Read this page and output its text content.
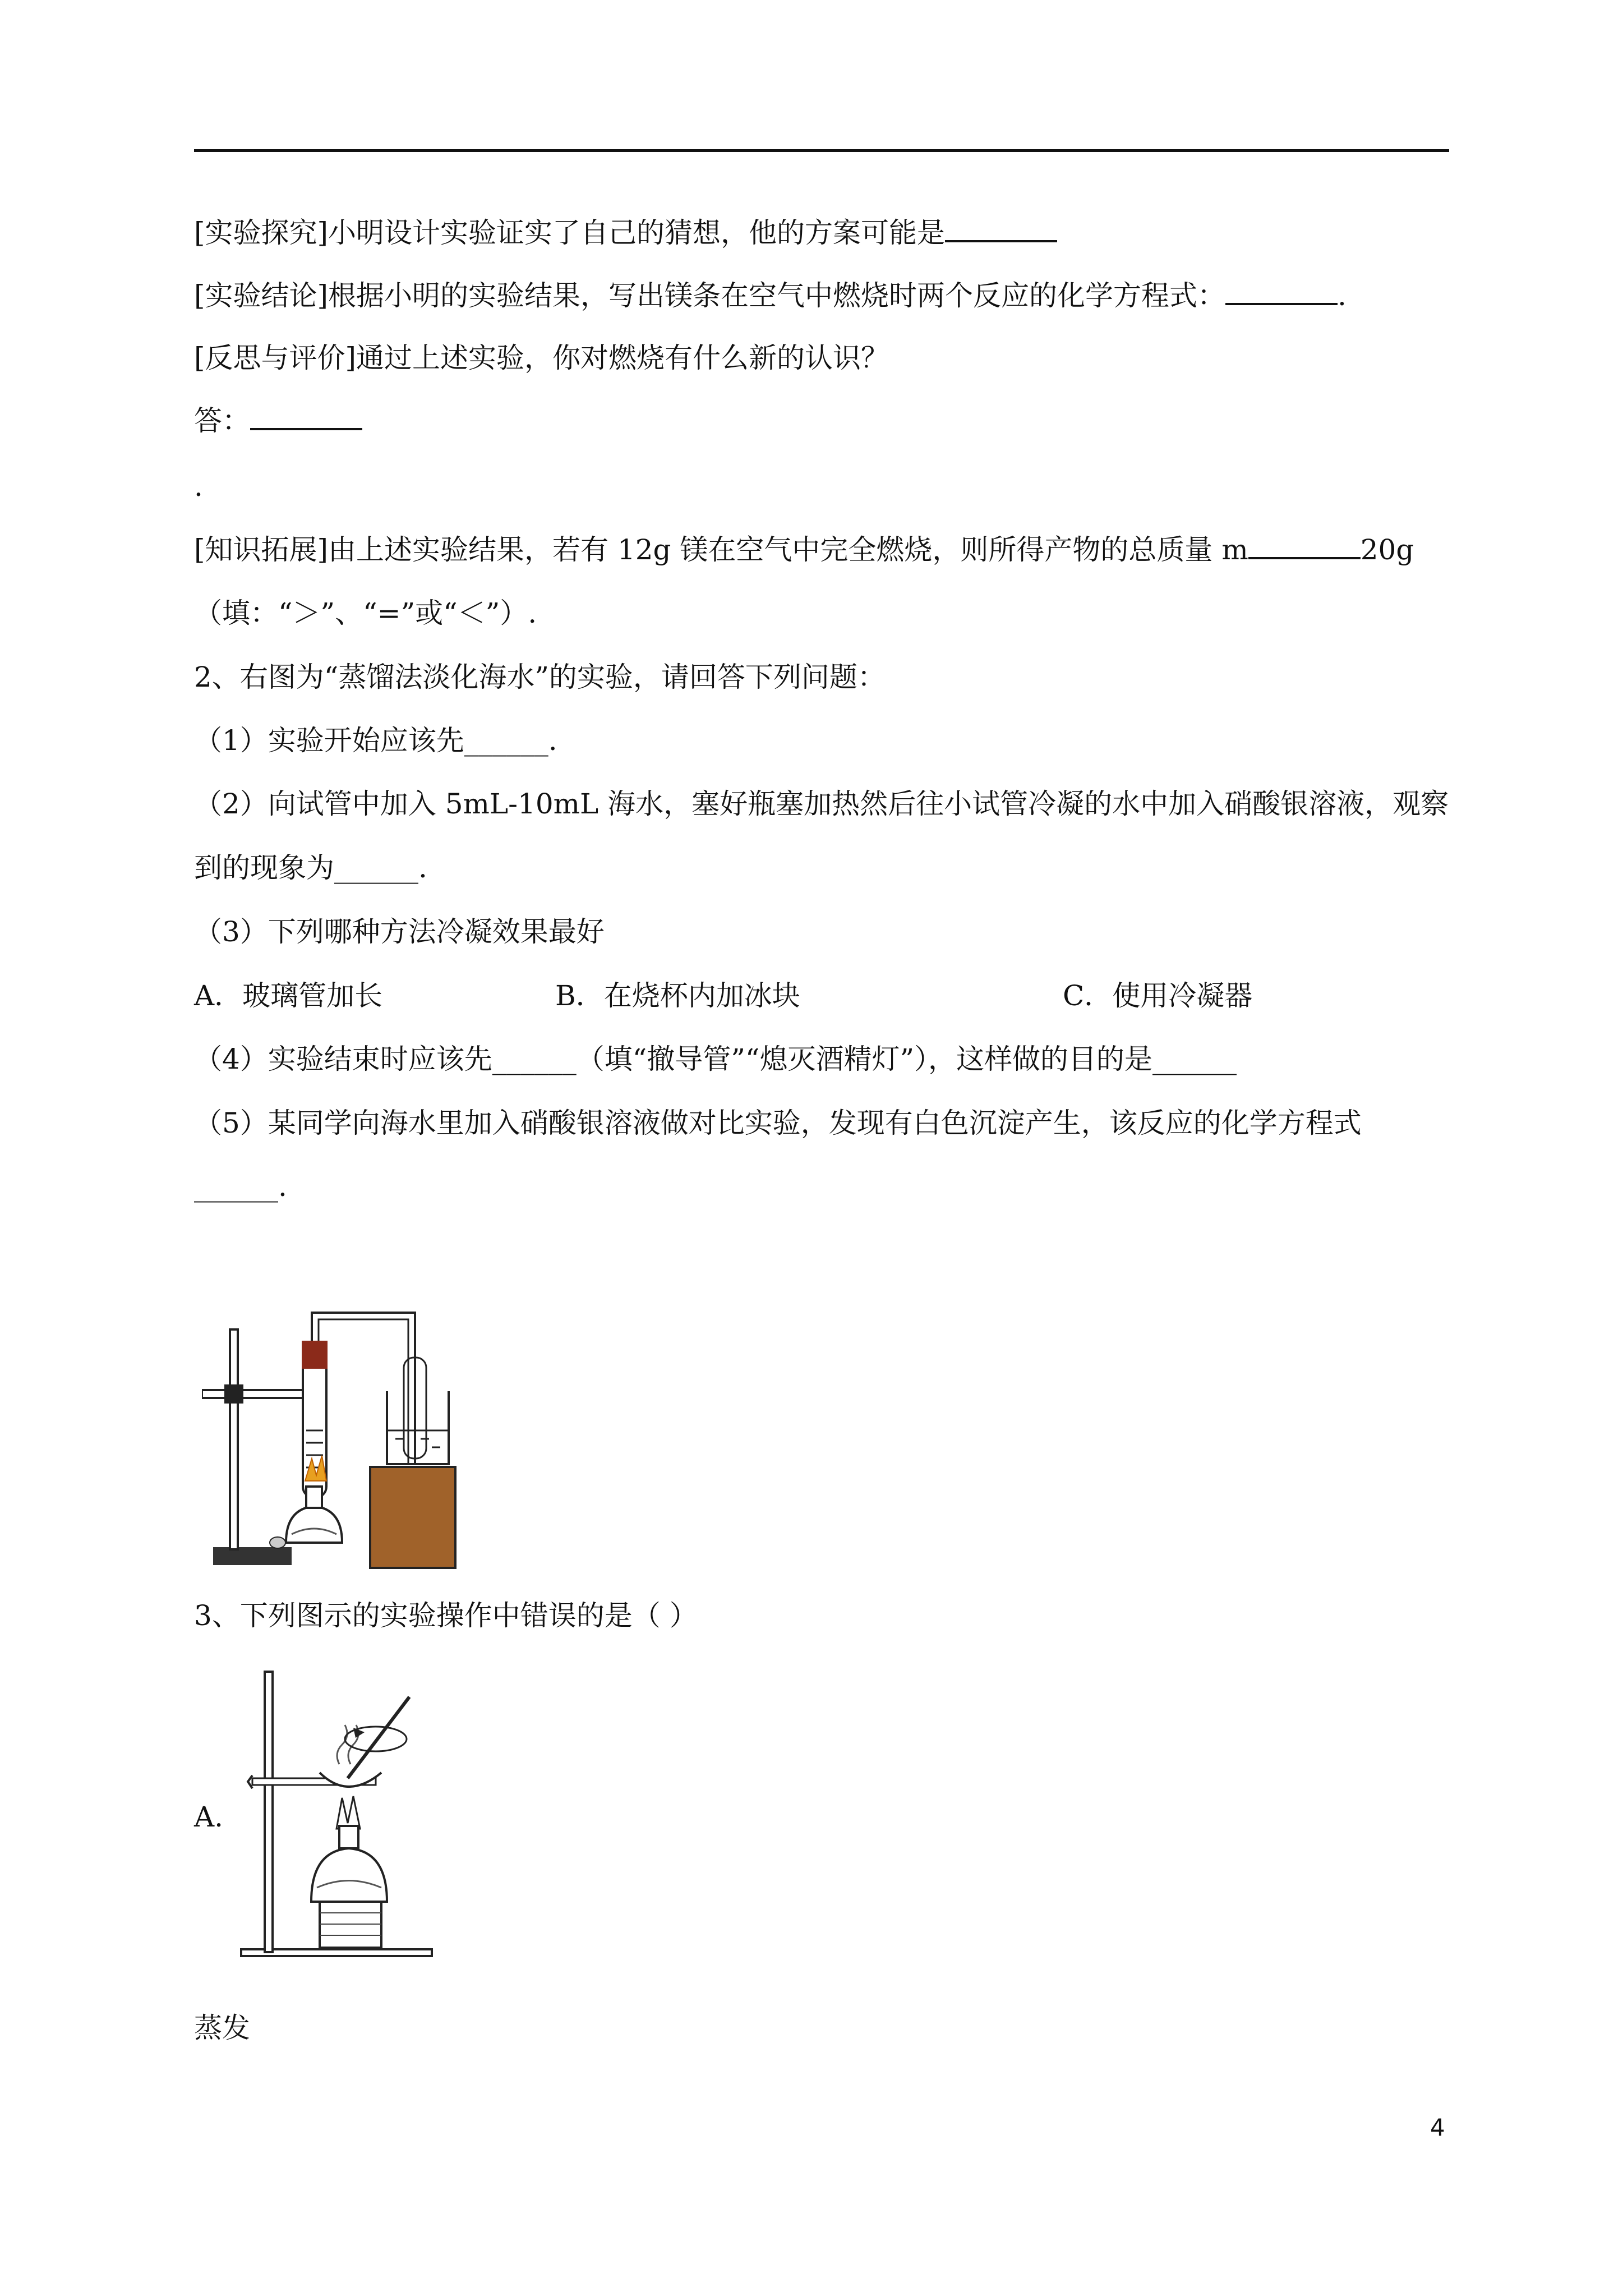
[实验探究]小明设计实验证实了自己的猜想，他的方案可能是
[实验结论]根据小明的实验结果，写出镁条在空气中燃烧时两个反应的化学方程式：	.
[反思与评价]通过上述实验，你对燃烧有什么新的认识？
答：
.
[知识拓展]由上述实验结果，若有 12g 镁在空气中完全燃烧，则所得产物的总质量 m	20g
（填：“＞”、“=”或“＜”）.
2、右图为“蒸馏法淡化海水”的实验，请回答下列问题：
（1）实验开始应该先______.
（2）向试管中加入 5mL-10mL 海水，塞好瓶塞加热然后往小试管冷凝的水中加入硝酸银溶液，观察
到的现象为______.
（3）下列哪种方法冷凝效果最好
A．玻璃管加长	B．在烧杯内加冰块	C．使用冷凝器
（4）实验结束时应该先______（填“撤导管”“熄灭酒精灯”），这样做的目的是______
（5）某同学向海水里加入硝酸银溶液做对比实验，发现有白色沉淀产生，该反应的化学方程式
______.
3、下列图示的实验操作中错误的是（ ）
A.
蒸发
4
